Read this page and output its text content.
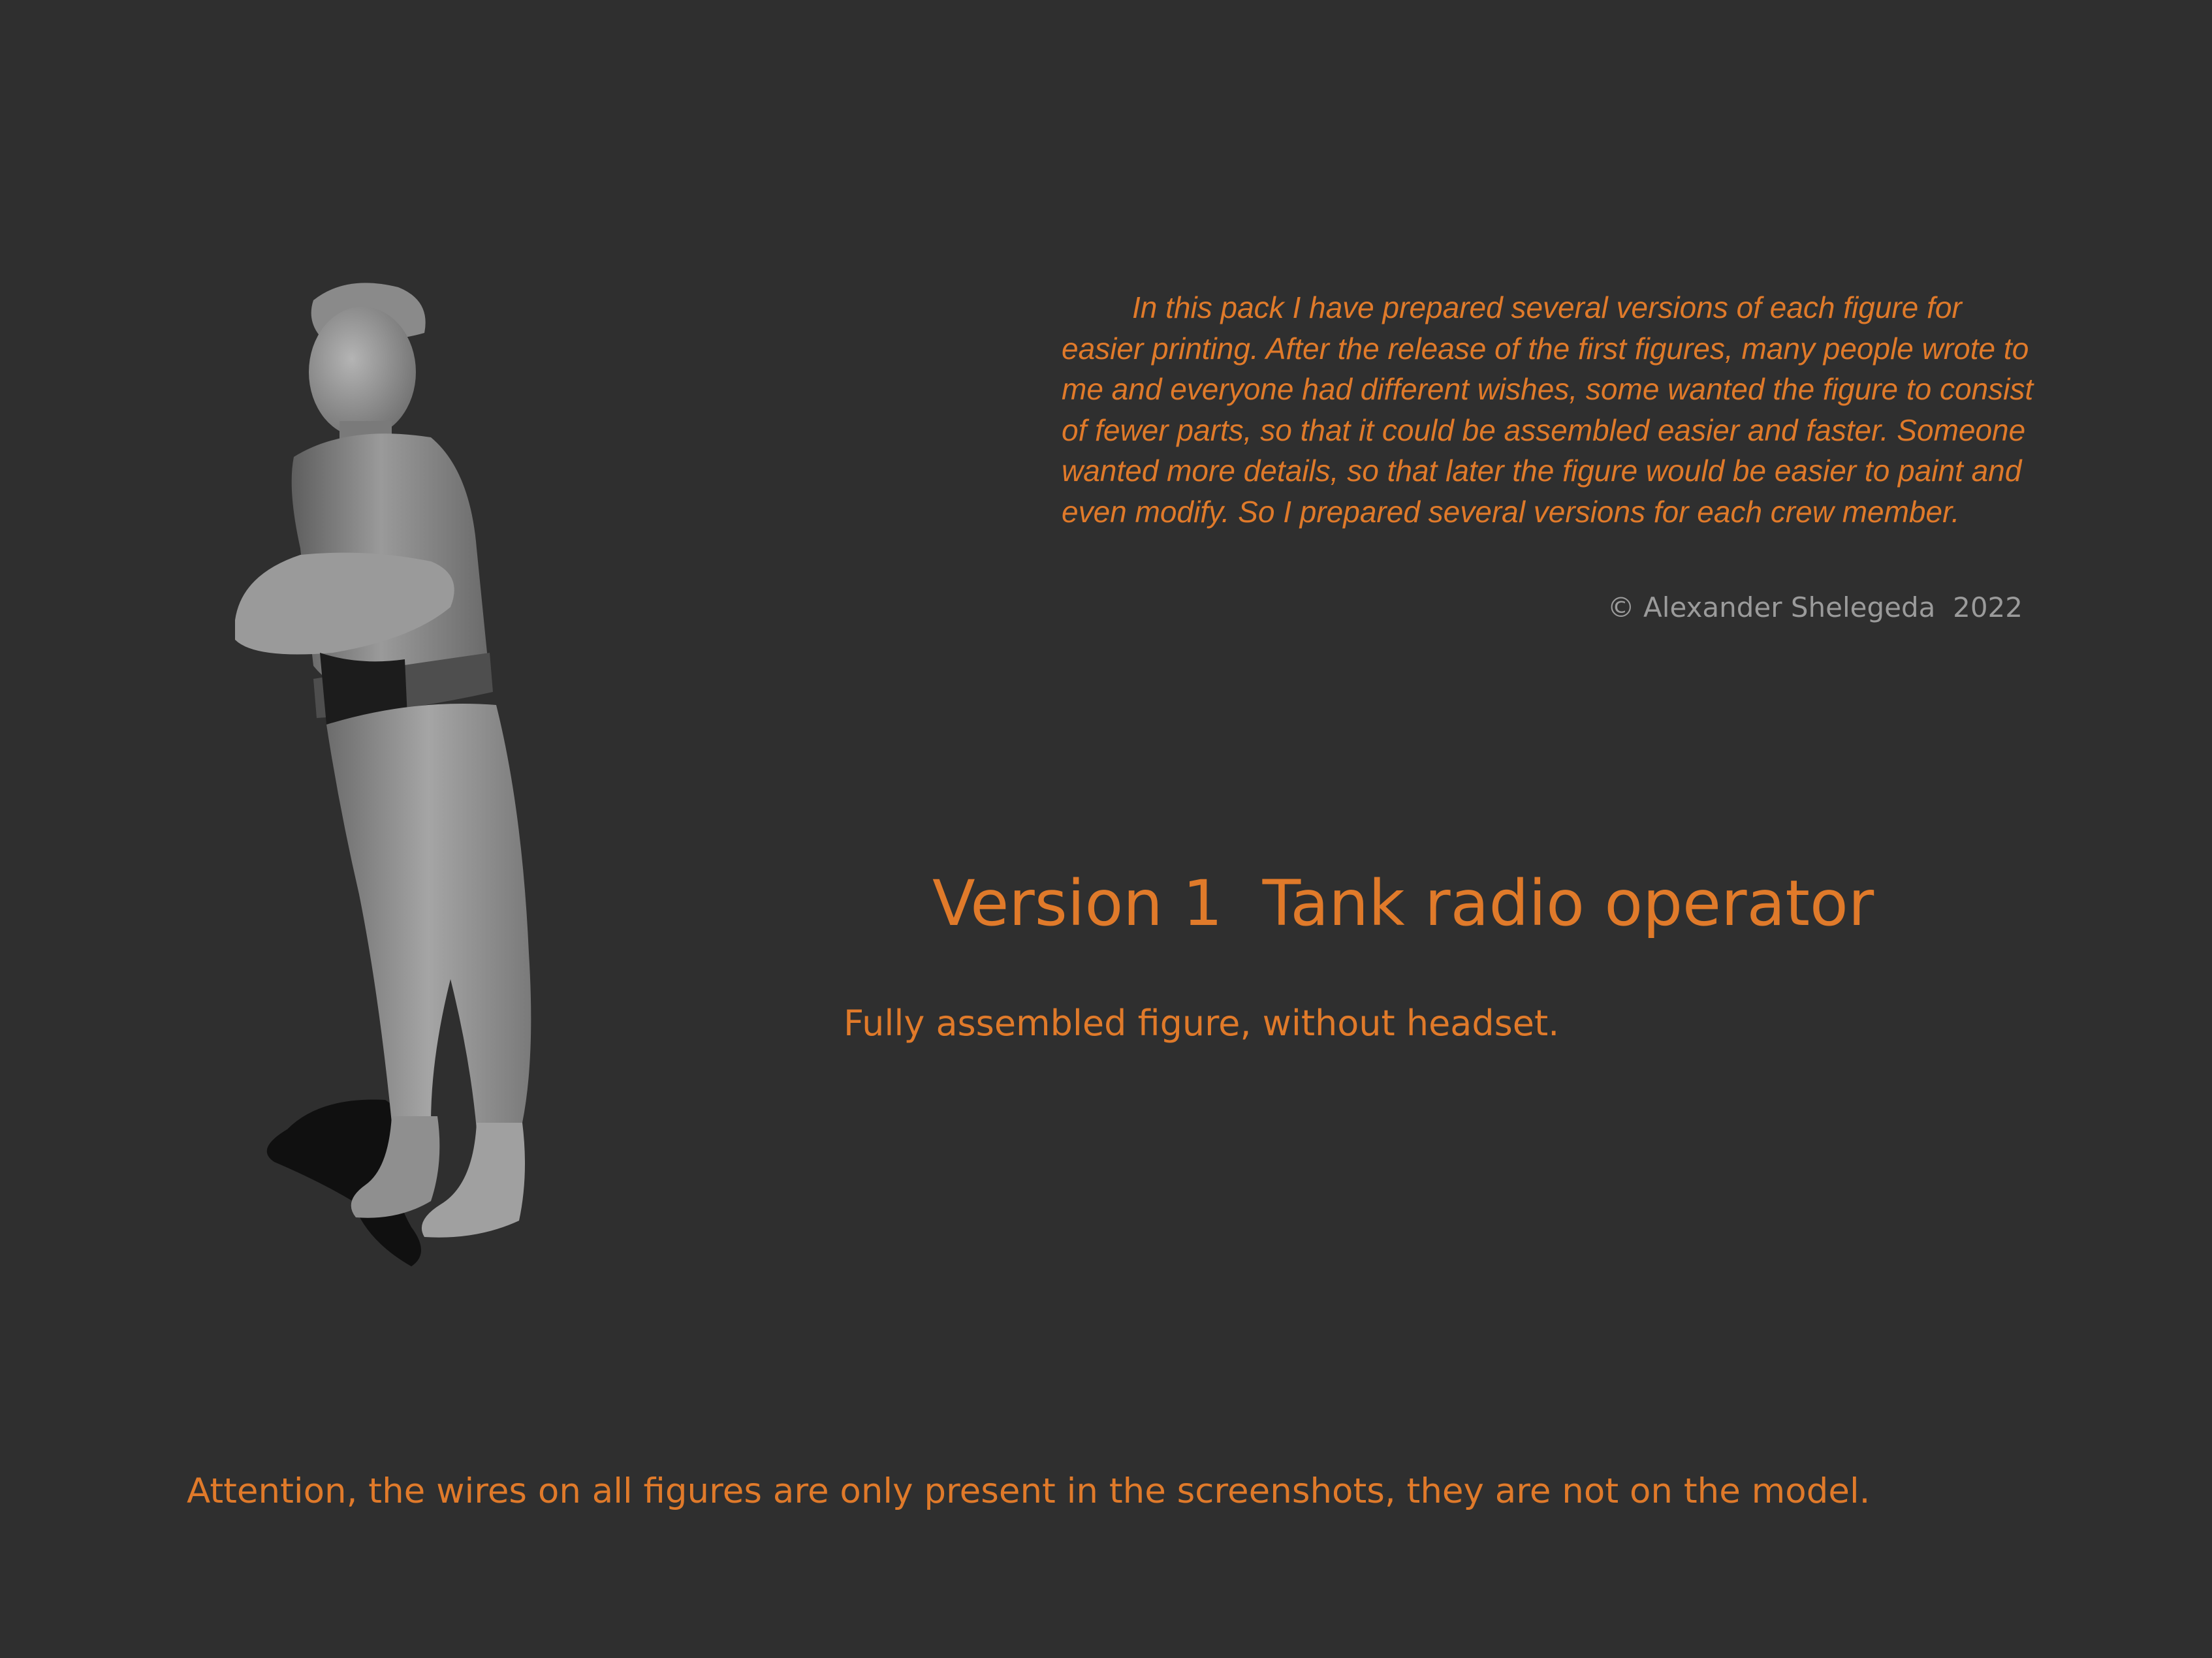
In this pack I have prepared several versions of each figure for easier printing. After the release of the first figures, many people wrote to me and everyone had different wishes, some wanted the figure to consist of fewer parts, so that it could be assembled easier and faster. Someone wanted more details, so that later the figure would be easier to paint and even modify. So I prepared several versions for each crew member.

© Alexander Shelegeda  2022
Version 1  Tank radio operator
Fully assembled figure, without headset.
Attention, the wires on all figures are only present in the screenshots, they are not on the model.
